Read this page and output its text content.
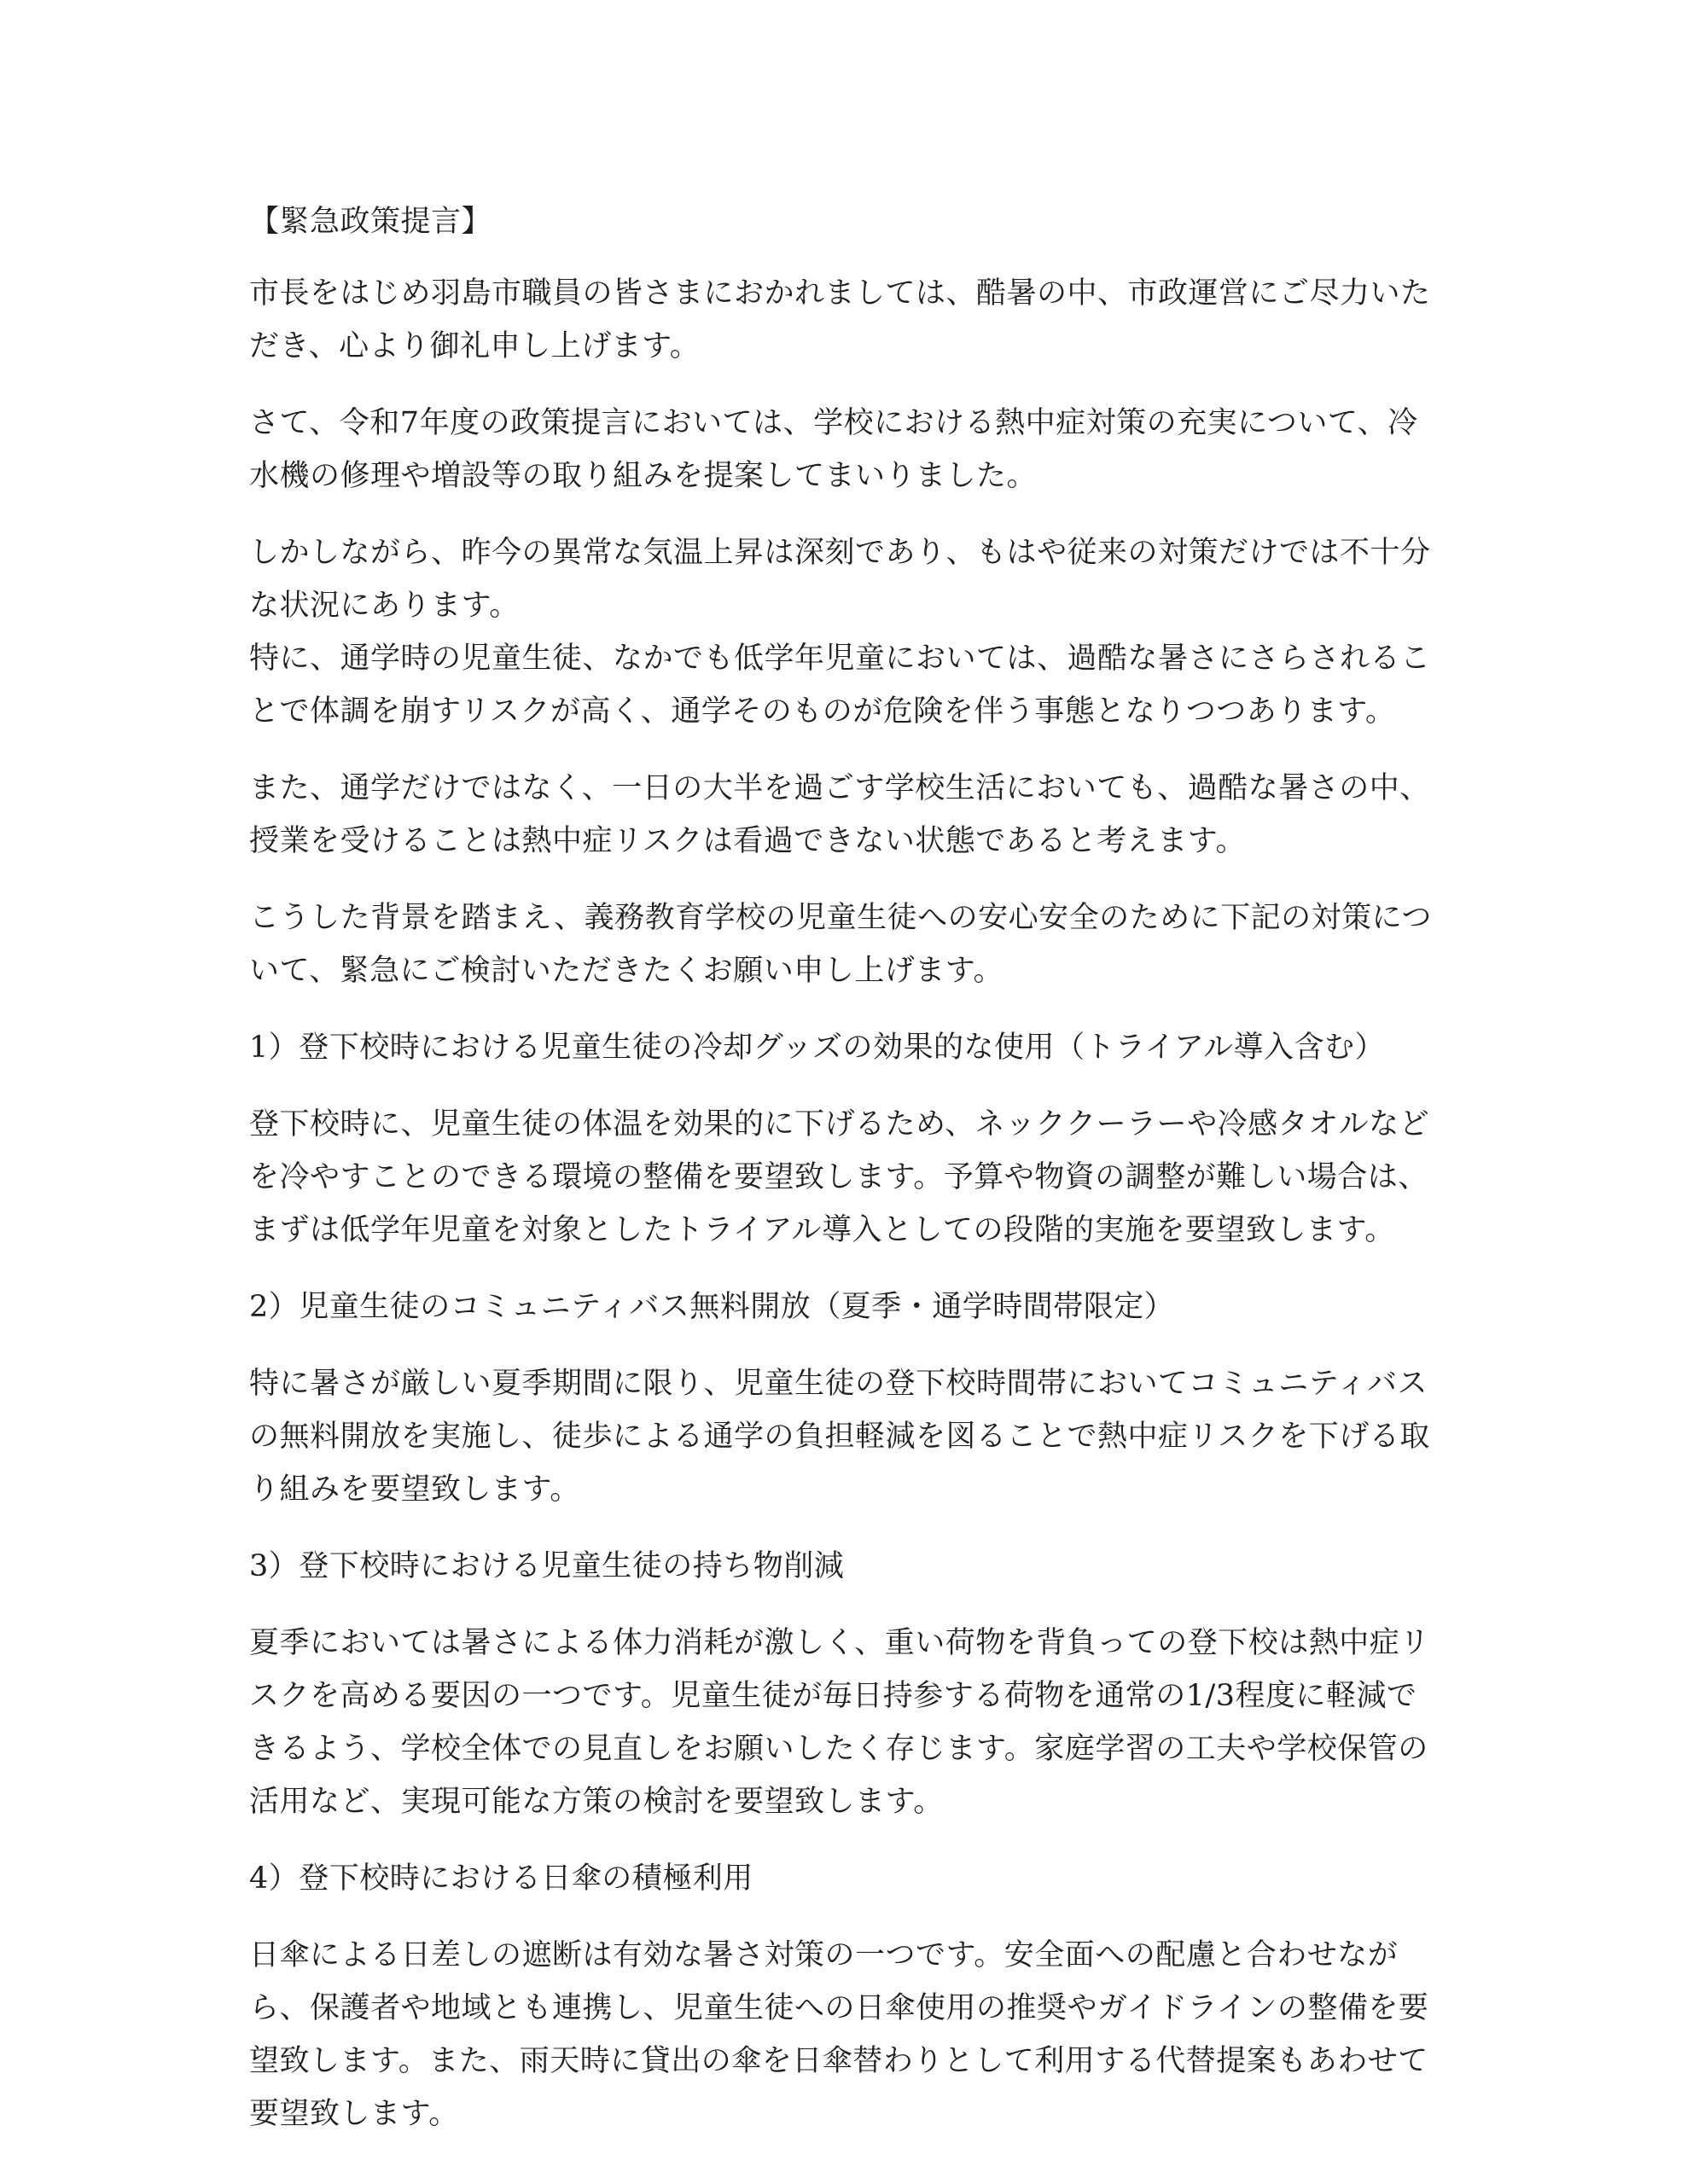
【緊急政策提言】

市長をはじめ羽島市職員の皆さまにおかれましては、酷暑の中、市政運営にご尽力いただき、心より御礼申し上げます。

さて、令和7年度の政策提言においては、学校における熱中症対策の充実について、冷水機の修理や増設等の取り組みを提案してまいりました。

しかしながら、昨今の異常な気温上昇は深刻であり、もはや従来の対策だけでは不十分な状況にあります。

特に、通学時の児童生徒、なかでも低学年児童においては、過酷な暑さにさらされることで体調を崩すリスクが高く、通学そのものが危険を伴う事態となりつつあります。

また、通学だけではなく、一日の大半を過ごす学校生活においても、過酷な暑さの中、授業を受けることは熱中症リスクは看過できない状態であると考えます。

こうした背景を踏まえ、義務教育学校の児童生徒への安心安全のために下記の対策について、緊急にご検討いただきたくお願い申し上げます。

1）登下校時における児童生徒の冷却グッズの効果的な使用（トライアル導入含む）

登下校時に、児童生徒の体温を効果的に下げるため、ネッククーラーや冷感タオルなどを冷やすことのできる環境の整備を要望致します。予算や物資の調整が難しい場合は、まずは低学年児童を対象としたトライアル導入としての段階的実施を要望致します。

2）児童生徒のコミュニティバス無料開放（夏季・通学時間帯限定）

特に暑さが厳しい夏季期間に限り、児童生徒の登下校時間帯においてコミュニティバスの無料開放を実施し、徒歩による通学の負担軽減を図ることで熱中症リスクを下げる取り組みを要望致します。

3）登下校時における児童生徒の持ち物削減

夏季においては暑さによる体力消耗が激しく、重い荷物を背負っての登下校は熱中症リスクを高める要因の一つです。児童生徒が毎日持参する荷物を通常の1/3程度に軽減できるよう、学校全体での見直しをお願いしたく存じます。家庭学習の工夫や学校保管の活用など、実現可能な方策の検討を要望致します。

4）登下校時における日傘の積極利用

日傘による日差しの遮断は有効な暑さ対策の一つです。安全面への配慮と合わせながら、保護者や地域とも連携し、児童生徒への日傘使用の推奨やガイドラインの整備を要望致します。また、雨天時に貸出の傘を日傘替わりとして利用する代替提案もあわせて要望致します。
